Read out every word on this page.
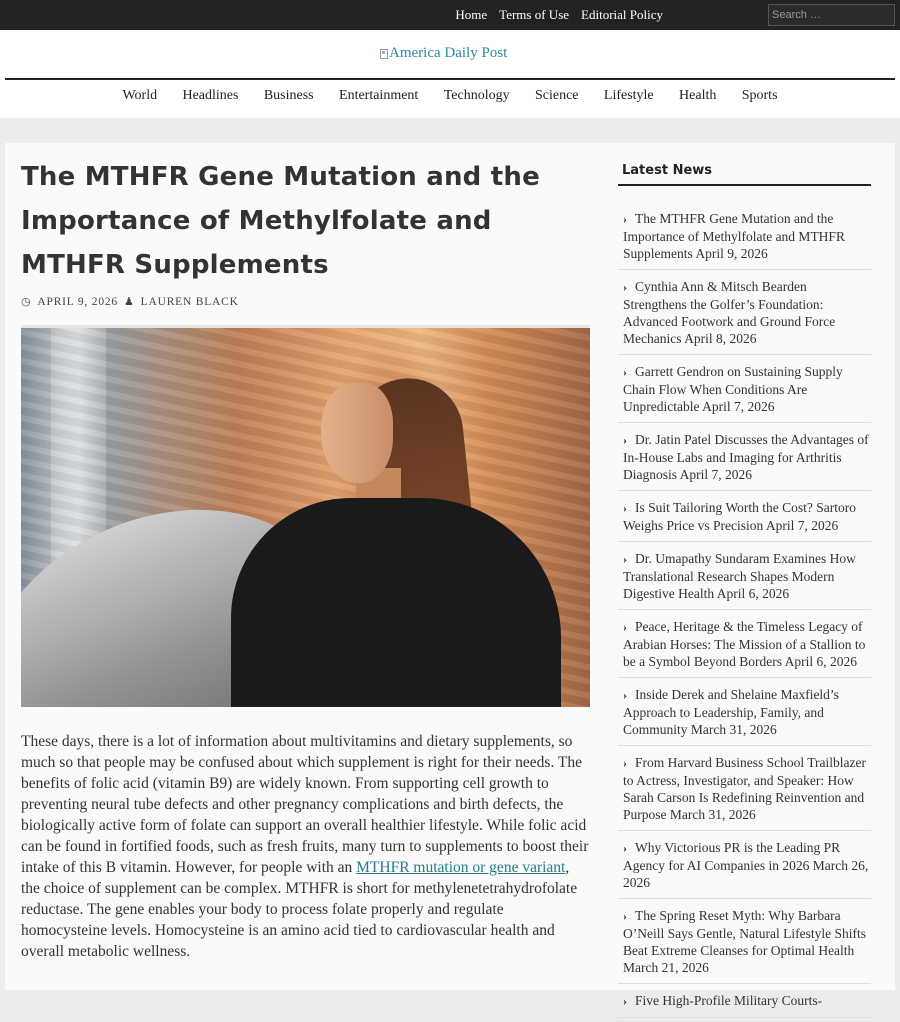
Home Terms of Use Editorial Policy
Search …
America Daily Post
World	Headlines	Business	Entertainment	Technology	Science	Lifestyle	Health	Sports
The MTHFR Gene Mutation and the Importance of Methylfolate and MTHFR Supplements
◷ APRIL 9, 2026 ♟ LAUREN BLACK
These days, there is a lot of information about multivitamins and dietary supplements, so much so that people may be confused about which supplement is right for their needs. The benefits of folic acid (vitamin B9) are widely known. From supporting cell growth to preventing neural tube defects and other pregnancy complications and birth defects, the biologically active form of folate can support an overall healthier lifestyle. While folic acid can be found in fortified foods, such as fresh fruits, many turn to supplements to boost their intake of this B vitamin. However, for people with an MTHFR mutation or gene variant, the choice of supplement can be complex. MTHFR is short for methylenetetrahydrofolate reductase. The gene enables your body to process folate properly and regulate homocysteine levels. Homocysteine is an amino acid tied to cardiovascular health and overall metabolic wellness.
Latest News
› The MTHFR Gene Mutation and the Importance of Methylfolate and MTHFR Supplements April 9, 2026
› Cynthia Ann & Mitsch Bearden Strengthens the Golfer’s Foundation: Advanced Footwork and Ground Force Mechanics April 8, 2026
› Garrett Gendron on Sustaining Supply Chain Flow When Conditions Are Unpredictable April 7, 2026
› Dr. Jatin Patel Discusses the Advantages of In-House Labs and Imaging for Arthritis Diagnosis April 7, 2026
› Is Suit Tailoring Worth the Cost? Sartoro Weighs Price vs Precision April 7, 2026
› Dr. Umapathy Sundaram Examines How Translational Research Shapes Modern Digestive Health April 6, 2026
› Peace, Heritage & the Timeless Legacy of Arabian Horses: The Mission of a Stallion to be a Symbol Beyond Borders April 6, 2026
› Inside Derek and Shelaine Maxfield’s Approach to Leadership, Family, and Community March 31, 2026
› From Harvard Business School Trailblazer to Actress, Investigator, and Speaker: How Sarah Carson Is Redefining Reinvention and Purpose March 31, 2026
› Why Victorious PR is the Leading PR Agency for AI Companies in 2026 March 26, 2026
› The Spring Reset Myth: Why Barbara O’Neill Says Gentle, Natural Lifestyle Shifts Beat Extreme Cleanses for Optimal Health March 21, 2026
› Five High-Profile Military Courts-
